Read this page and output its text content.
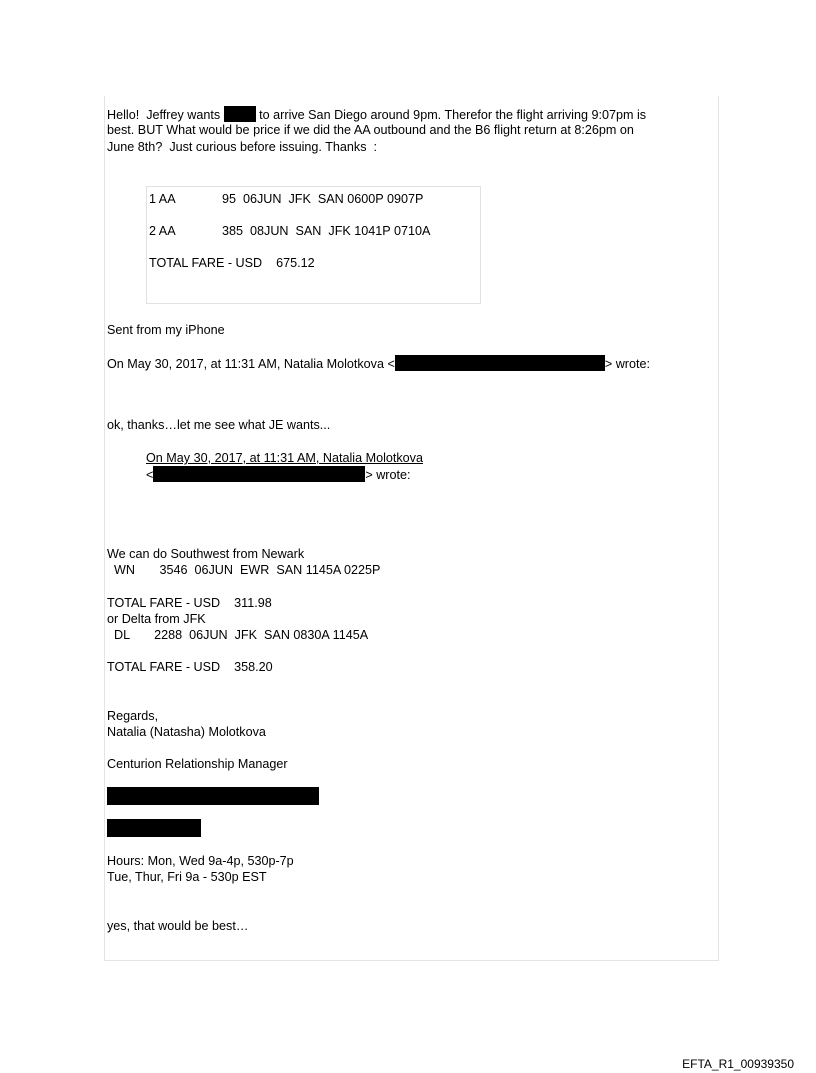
Hello!  Jeffrey wants	to arrive San Diego around 9pm. Therefor the flight arriving 9:07pm is
best. BUT What would be price if we did the AA outbound and the B6 flight return at 8:26pm on
June 8th?  Just curious before issuing. Thanks  :
1 AA	95  06JUN  JFK  SAN 0600P 0907P
2 AA	385  08JUN  SAN  JFK 1041P 0710A
TOTAL FARE - USD    675.12
Sent from my iPhone
On May 30, 2017, at 11:31 AM, Natalia Molotkova <	> wrote:
ok, thanks…let me see what JE wants...
On May 30, 2017, at 11:31 AM, Natalia Molotkova
<	> wrote:
We can do Southwest from Newark
WN       3546  06JUN  EWR  SAN 1145A 0225P
TOTAL FARE - USD    311.98
or Delta from JFK
DL       2288  06JUN  JFK  SAN 0830A 1145A
TOTAL FARE - USD    358.20
Regards,
Natalia (Natasha) Molotkova
Centurion Relationship Manager
Hours: Mon, Wed 9a-4p, 530p-7p
Tue, Thur, Fri 9a - 530p EST
yes, that would be best…
EFTA_R1_00939350
